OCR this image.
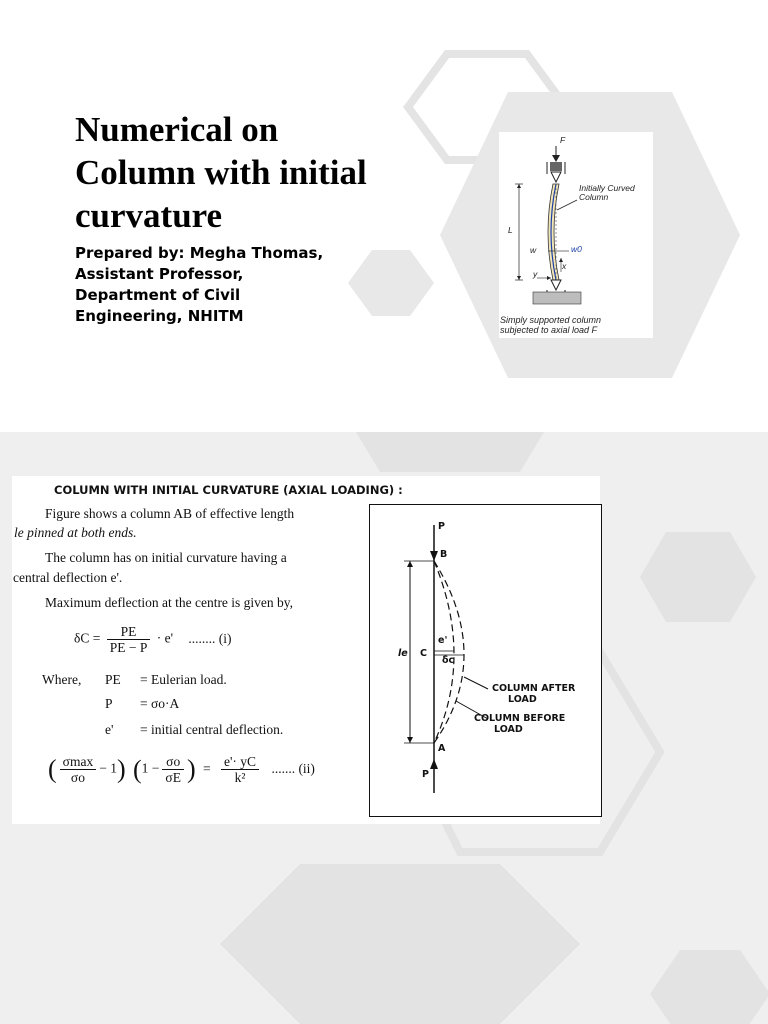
Numerical on Column with initial curvature

Prepared by: Megha Thomas,
Assistant Professor,
Department of Civil
Engineering, NHITM

F
Initially Curved
Column
L
w	w0
x
y
Simply supported column
subjected to axial load F
COLUMN WITH INITIAL CURVATURE (AXIAL LOADING) :
Figure shows a column AB of effective length
le pinned at both ends.
The column has on initial curvature having a
central deflection e'.
Maximum deflection at the centre is given by,
$\delta C = \frac{PE}{PE - P} \cdot e'$ ........ (i)
Where, PE = Eulerian load.
P = σo·A
e' = initial central deflection.
( $\frac{\sigma\max}{\sigma o} - 1$) ($1 - \frac{\sigma o}{\sigma E}$ ) = $\frac{e'\cdot yC}{\text{k²}}$ ....... (ii)
P
B
le C
e'
δc
COLUMN AFTER
LOAD
COLUMN BEFORE
LOAD
A
P
